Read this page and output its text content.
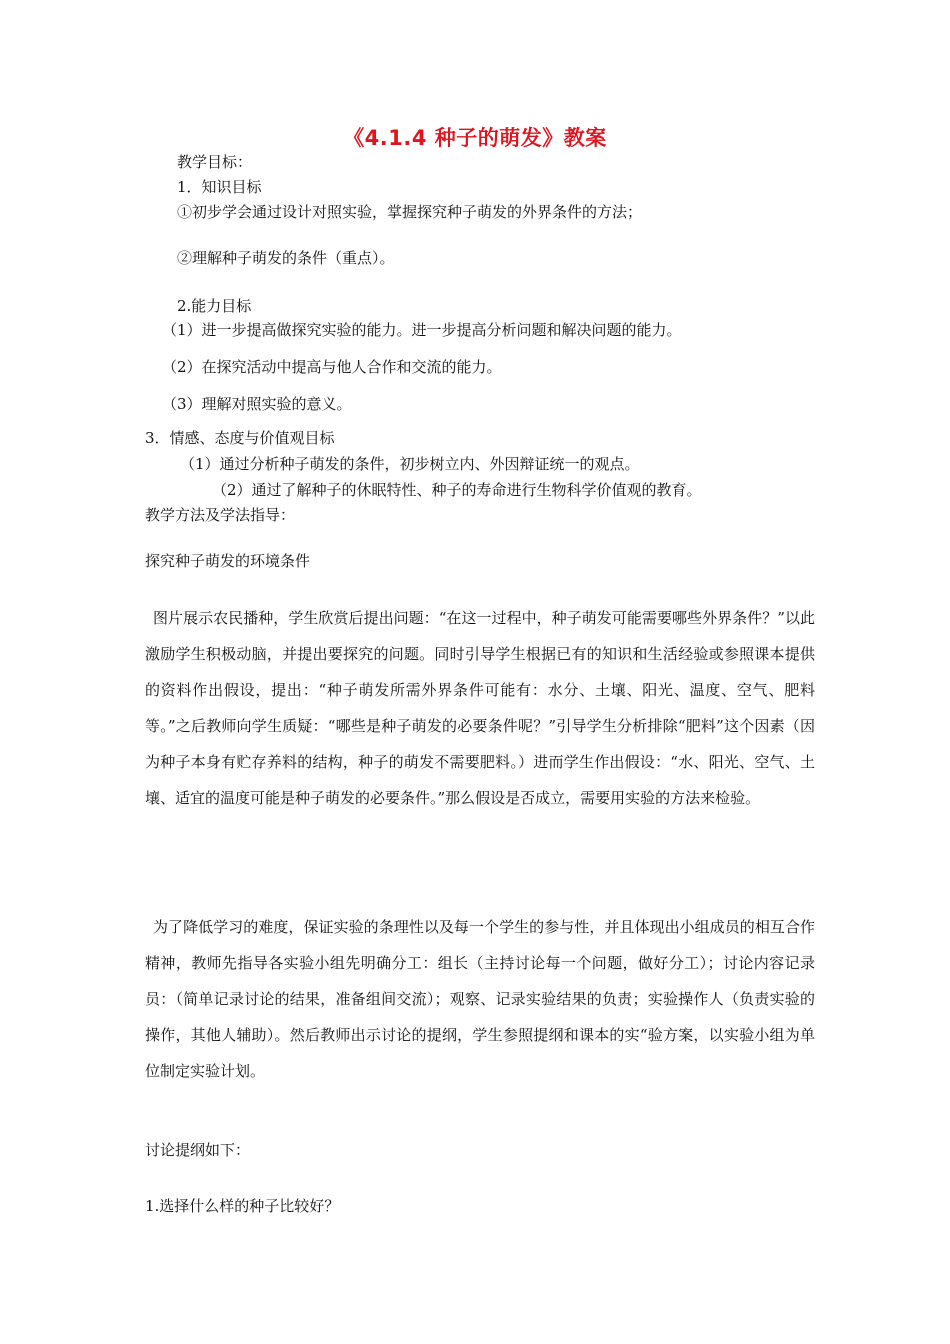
《4.1.4 种子的萌发》教案
教学目标：
1．知识目标
①初步学会通过设计对照实验，掌握探究种子萌发的外界条件的方法；
②理解种子萌发的条件（重点）。
2.能力目标
（1）进一步提高做探究实验的能力。进一步提高分析问题和解决问题的能力。
（2）在探究活动中提高与他人合作和交流的能力。
（3）理解对照实验的意义。
3．情感、态度与价值观目标
（1）通过分析种子萌发的条件，初步树立内、外因辩证统一的观点。
（2）通过了解种子的休眠特性、种子的寿命进行生物科学价值观的教育。
教学方法及学法指导：
探究种子萌发的环境条件
图片展示农民播种，学生欣赏后提出问题：“在这一过程中，种子萌发可能需要哪些外界条件？”以此激励学生积极动脑，并提出要探究的问题。同时引导学生根据已有的知识和生活经验或参照课本提供的资料作出假设，提出：“种子萌发所需外界条件可能有：水分、土壤、阳光、温度、空气、肥料等。”之后教师向学生质疑：“哪些是种子萌发的必要条件呢？”引导学生分析排除“肥料”这个因素（因为种子本身有贮存养料的结构，种子的萌发不需要肥料。）进而学生作出假设：“水、阳光、空气、土壤、适宜的温度可能是种子萌发的必要条件。”那么假设是否成立，需要用实验的方法来检验。
为了降低学习的难度，保证实验的条理性以及每一个学生的参与性，并且体现出小组成员的相互合作精神，教师先指导各实验小组先明确分工：组长（主持讨论每一个问题，做好分工）；讨论内容记录员：（简单记录讨论的结果，准备组间交流）；观察、记录实验结果的负责；实验操作人（负责实验的操作，其他人辅助）。然后教师出示讨论的提纲，学生参照提纲和课本的实“验方案，以实验小组为单位制定实验计划。
讨论提纲如下：
1.选择什么样的种子比较好？
